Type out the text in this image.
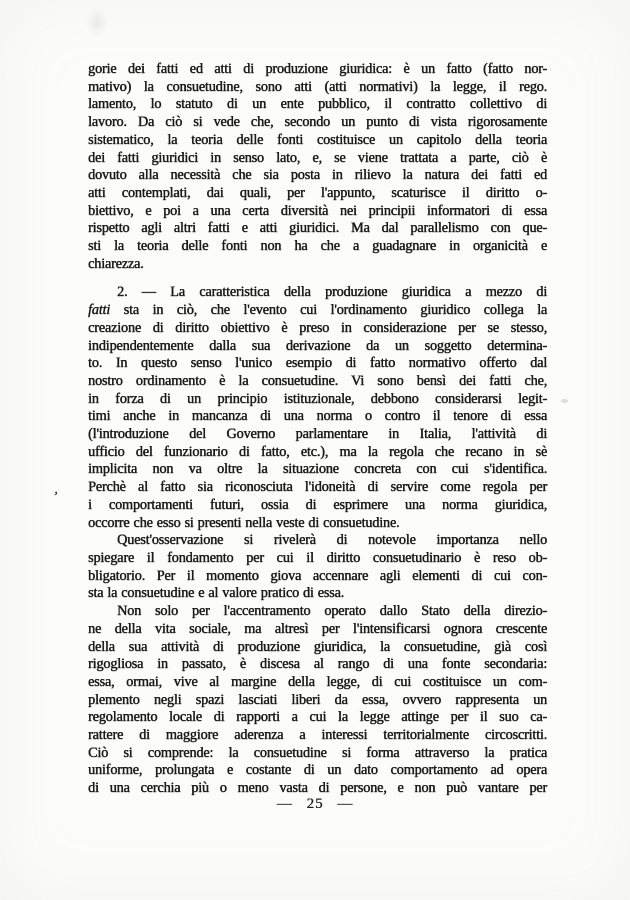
gorie dei fatti ed atti di produzione giuridica: è un fatto (fatto nor-
mativo) la consuetudine, sono atti (atti normativi) la legge, il rego.
lamento, lo statuto di un ente pubblico, il contratto collettivo di
lavoro. Da ciò si vede che, secondo un punto di vista rigorosamente
sistematico, la teoria delle fonti costituisce un capitolo della teoria
dei fatti giuridici in senso lato, e, se viene trattata a parte, ciò è
dovuto alla necessità che sia posta in rilievo la natura dei fatti ed
atti contemplati, dai quali, per l'appunto, scaturisce il diritto o-
biettivo, e poi a una certa diversità nei principii informatori di essa
rispetto agli altri fatti e atti giuridici. Ma dal parallelismo con que-
sti la teoria delle fonti non ha che a guadagnare in organicità e
chiarezza.
2. — La caratteristica della produzione giuridica a mezzo di
fatti sta in ciò, che l'evento cui l'ordinamento giuridico collega la
creazione di diritto obiettivo è preso in considerazione per se stesso,
indipendentemente dalla sua derivazione da un soggetto determina-
to. In questo senso l'unico esempio di fatto normativo offerto dal
nostro ordinamento è la consuetudine. Vi sono bensì dei fatti che,
in forza di un principio istituzionale, debbono considerarsi legit-
timi anche in mancanza di una norma o contro il tenore di essa
(l'introduzione del Governo parlamentare in Italia, l'attività di
ufficio del funzionario di fatto, etc.), ma la regola che recano in sè
implicita non va oltre la situazione concreta con cui s'identifica.
Perchè al fatto sia riconosciuta l'idoneità di servire come regola per
i comportamenti futuri, ossia di esprimere una norma giuridica,
occorre che esso si presenti nella veste di consuetudine.
Quest'osservazione si rivelerà di notevole importanza nello
spiegare il fondamento per cui il diritto consuetudinario è reso ob-
bligatorio. Per il momento giova accennare agli elementi di cui con-
sta la consuetudine e al valore pratico di essa.
Non solo per l'accentramento operato dallo Stato della direzio-
ne della vita sociale, ma altresì per l'intensificarsi ognora crescente
della sua attività di produzione giuridica, la consuetudine, già così
rigogliosa in passato, è discesa al rango di una fonte secondaria:
essa, ormai, vive al margine della legge, di cui costituisce un com-
plemento negli spazi lasciati liberi da essa, ovvero rappresenta un
regolamento locale di rapporti a cui la legge attinge per il suo ca-
rattere di maggiore aderenza a interessi territorialmente circoscritti.
Ciò si comprende: la consuetudine si forma attraverso la pratica
uniforme, prolungata e costante di un dato comportamento ad opera
di una cerchia più o meno vasta di persone, e non può vantare per
’
— 25 —
